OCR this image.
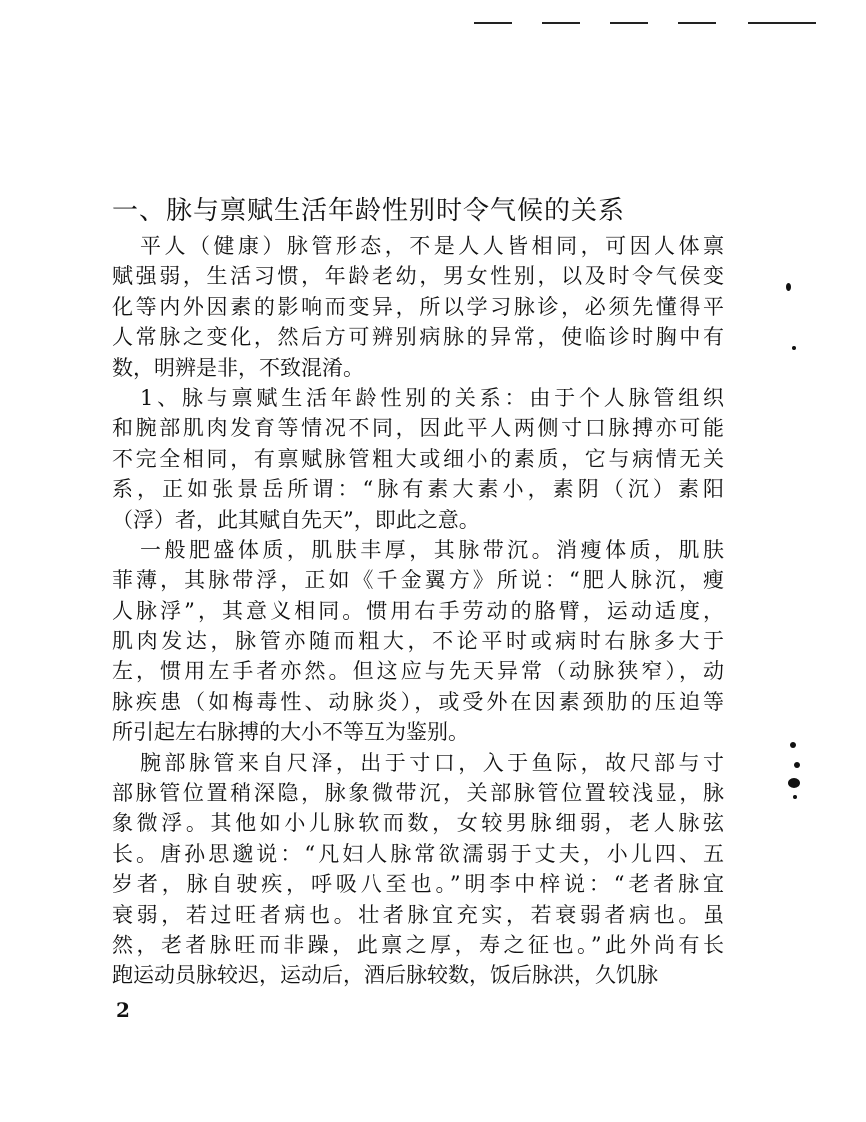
一、脉与禀赋生活年龄性别时令气候的关系
平人（健康）脉管形态，不是人人皆相同，可因人体禀
赋强弱，生活习惯，年龄老幼，男女性别，以及时令气侯变
化等内外因素的影响而变异，所以学习脉诊，必须先懂得平
人常脉之变化，然后方可辨别病脉的异常，使临诊时胸中有
数，明辨是非，不致混淆。
1、脉与禀赋生活年龄性别的关系：由于个人脉管组织
和腕部肌肉发育等情况不同，因此平人两侧寸口脉搏亦可能
不完全相同，有禀赋脉管粗大或细小的素质，它与病情无关
系，正如张景岳所谓：“脉有素大素小，素阴（沉）素阳
（浮）者，此其赋自先天”，即此之意。
一般肥盛体质，肌肤丰厚，其脉带沉。消瘦体质，肌肤
菲薄，其脉带浮，正如《千金翼方》所说：“肥人脉沉，瘦
人脉浮”，其意义相同。惯用右手劳动的胳臂，运动适度，
肌肉发达，脉管亦随而粗大，不论平时或病时右脉多大于
左，惯用左手者亦然。但这应与先天异常（动脉狭窄），动
脉疾患（如梅毒性、动脉炎），或受外在因素颈肋的压迫等
所引起左右脉搏的大小不等互为鉴别。
腕部脉管来自尺泽，出于寸口，入于鱼际，故尺部与寸
部脉管位置稍深隐，脉象微带沉，关部脉管位置较浅显，脉
象微浮。其他如小儿脉软而数，女较男脉细弱，老人脉弦
长。唐孙思邈说：“凡妇人脉常欲濡弱于丈夫，小儿四、五
岁者，脉自驶疾，呼吸八至也。”明李中梓说：“老者脉宜
衰弱，若过旺者病也。壮者脉宜充实，若衰弱者病也。虽
然，老者脉旺而非躁，此禀之厚，寿之征也。”此外尚有长
跑运动员脉较迟，运动后，酒后脉较数，饭后脉洪，久饥脉
2
